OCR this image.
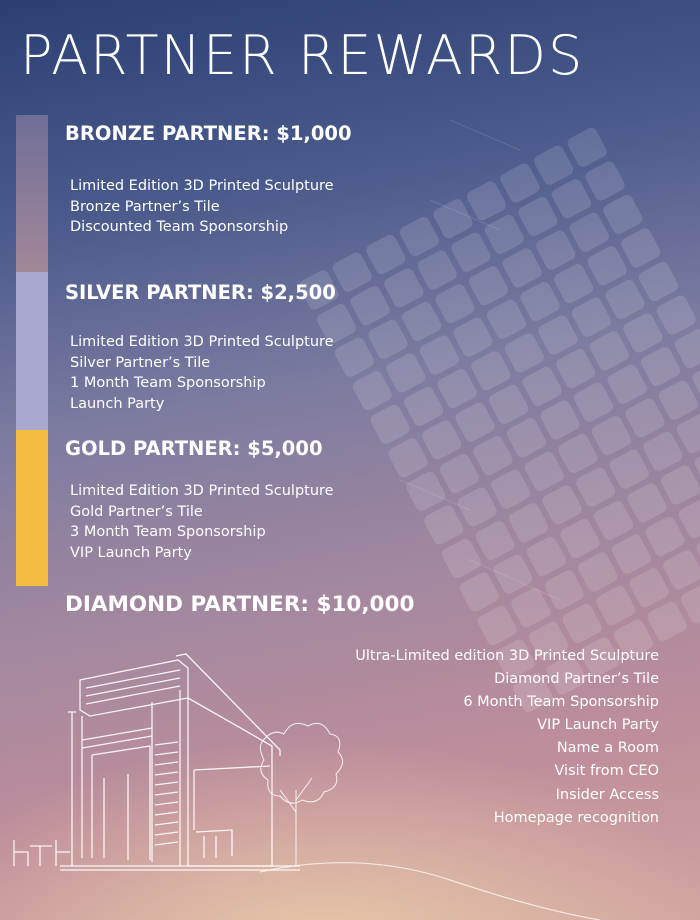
PARTNER REWARDS
BRONZE PARTNER: $1,000
Limited Edition 3D Printed Sculpture
Bronze Partner’s Tile
Discounted Team Sponsorship
SILVER PARTNER: $2,500
Limited Edition 3D Printed Sculpture
Silver Partner’s Tile
1 Month Team Sponsorship
Launch Party
GOLD PARTNER: $5,000
Limited Edition 3D Printed Sculpture
Gold Partner’s Tile
3 Month Team Sponsorship
VIP Launch Party
DIAMOND PARTNER: $10,000
Ultra-Limited edition 3D Printed Sculpture
Diamond Partner’s Tile
6 Month Team Sponsorship
VIP Launch Party
Name a Room
Visit from CEO
Insider Access
Homepage recognition
